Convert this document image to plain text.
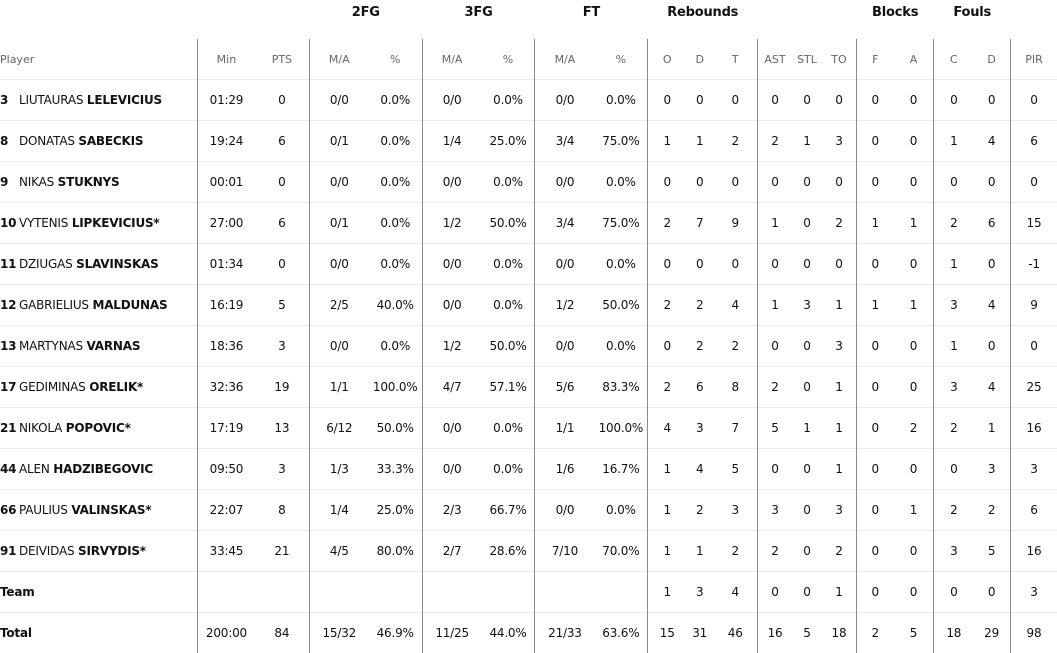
			2FG		3FG		FT		Rebounds						Blocks		Fouls		
Player	Min	PTS	M/A	%	M/A	%	M/A	%	O	D	T	AST	STL	TO	F	A	C	D	PIR
3 LIUTAURAS LELEVICIUS	01:29	0	0/0	0.0%	0/0	0.0%	0/0	0.0%	0	0	0	0	0	0	0	0	0	0	0
8 DONATAS SABECKIS	19:24	6	0/1	0.0%	1/4	25.0%	3/4	75.0%	1	1	2	2	1	3	0	0	1	4	6
9 NIKAS STUKNYS	00:01	0	0/0	0.0%	0/0	0.0%	0/0	0.0%	0	0	0	0	0	0	0	0	0	0	0
10 VYTENIS LIPKEVICIUS*	27:00	6	0/1	0.0%	1/2	50.0%	3/4	75.0%	2	7	9	1	0	2	1	1	2	6	15
11 DZIUGAS SLAVINSKAS	01:34	0	0/0	0.0%	0/0	0.0%	0/0	0.0%	0	0	0	0	0	0	0	0	1	0	-1
12 GABRIELIUS MALDUNAS	16:19	5	2/5	40.0%	0/0	0.0%	1/2	50.0%	2	2	4	1	3	1	1	1	3	4	9
13 MARTYNAS VARNAS	18:36	3	0/0	0.0%	1/2	50.0%	0/0	0.0%	0	2	2	0	0	3	0	0	1	0	0
17 GEDIMINAS ORELIK*	32:36	19	1/1	100.0%	4/7	57.1%	5/6	83.3%	2	6	8	2	0	1	0	0	3	4	25
21 NIKOLA POPOVIC*	17:19	13	6/12	50.0%	0/0	0.0%	1/1	100.0%	4	3	7	5	1	1	0	2	2	1	16
44 ALEN HADZIBEGOVIC	09:50	3	1/3	33.3%	0/0	0.0%	1/6	16.7%	1	4	5	0	0	1	0	0	0	3	3
66 PAULIUS VALINSKAS*	22:07	8	1/4	25.0%	2/3	66.7%	0/0	0.0%	1	2	3	3	0	3	0	1	2	2	6
91 DEIVIDAS SIRVYDIS*	33:45	21	4/5	80.0%	2/7	28.6%	7/10	70.0%	1	1	2	2	0	2	0	0	3	5	16
Team									1	3	4	0	0	1	0	0	0	0	3
Total	200:00	84	15/32	46.9%	11/25	44.0%	21/33	63.6%	15	31	46	16	5	18	2	5	18	29	98
